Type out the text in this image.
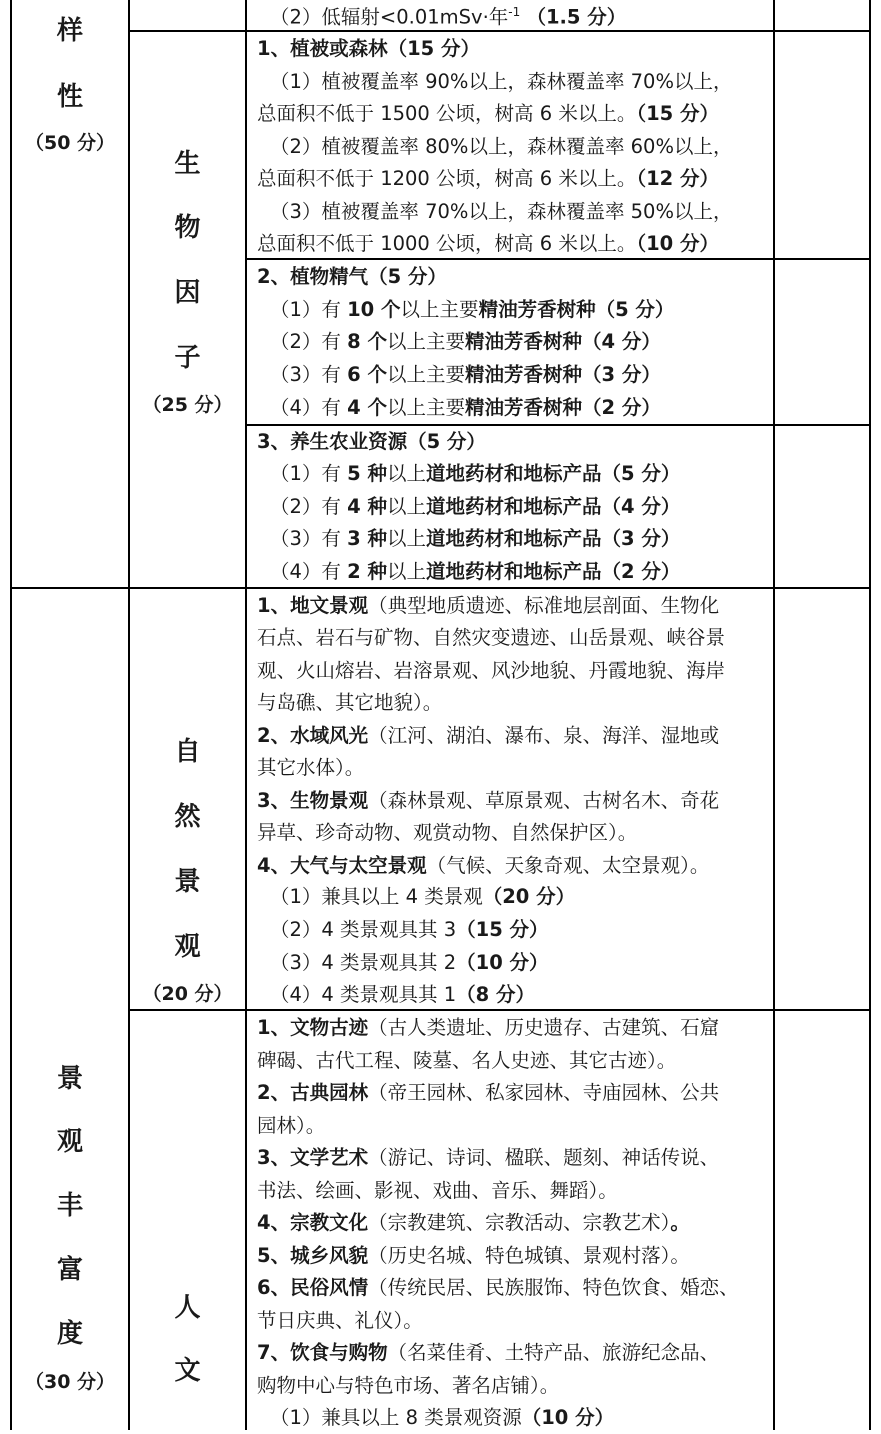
样
性
（50 分）
景
观
丰
富
度
（30 分）
生
物
因
子
（25 分）
自
然
景
观
（20 分）
人
文
（2）低辐射<0.01mSv·年$^{-1}$ （1.5 分）
1、植被或森林（15 分）
（1）植被覆盖率 90%以上，森林覆盖率 70%以上，
总面积不低于 1500 公顷，树高 6 米以上。（15 分）
（2）植被覆盖率 80%以上，森林覆盖率 60%以上，
总面积不低于 1200 公顷，树高 6 米以上。（12 分）
（3）植被覆盖率 70%以上，森林覆盖率 50%以上，
总面积不低于 1000 公顷，树高 6 米以上。（10 分）
2、植物精气（5 分）
（1）有 10 个以上主要精油芳香树种（5 分）
（2）有 8 个以上主要精油芳香树种（4 分）
（3）有 6 个以上主要精油芳香树种（3 分）
（4）有 4 个以上主要精油芳香树种（2 分）
3、养生农业资源（5 分）
（1）有 5 种以上道地药材和地标产品（5 分）
（2）有 4 种以上道地药材和地标产品（4 分）
（3）有 3 种以上道地药材和地标产品（3 分）
（4）有 2 种以上道地药材和地标产品（2 分）
1、地文景观（典型地质遗迹、标准地层剖面、生物化
石点、岩石与矿物、自然灾变遗迹、山岳景观、峡谷景
观、火山熔岩、岩溶景观、风沙地貌、丹霞地貌、海岸
与岛礁、其它地貌）。
2、水域风光（江河、湖泊、瀑布、泉、海洋、湿地或
其它水体）。
3、生物景观（森林景观、草原景观、古树名木、奇花
异草、珍奇动物、观赏动物、自然保护区）。
4、大气与太空景观（气候、天象奇观、太空景观）。
（1）兼具以上 4 类景观（20 分）
（2）4 类景观具其 3（15 分）
（3）4 类景观具其 2（10 分）
（4）4 类景观具其 1（8 分）
1、文物古迹（古人类遗址、历史遗存、古建筑、石窟
碑碣、古代工程、陵墓、名人史迹、其它古迹）。
2、古典园林（帝王园林、私家园林、寺庙园林、公共
园林）。
3、文学艺术（游记、诗词、楹联、题刻、神话传说、
书法、绘画、影视、戏曲、音乐、舞蹈）。
4、宗教文化（宗教建筑、宗教活动、宗教艺术）。
5、城乡风貌（历史名城、特色城镇、景观村落）。
6、民俗风情（传统民居、民族服饰、特色饮食、婚恋、
节日庆典、礼仪）。
7、饮食与购物（名菜佳肴、土特产品、旅游纪念品、
购物中心与特色市场、著名店铺）。
（1）兼具以上 8 类景观资源（10 分）
